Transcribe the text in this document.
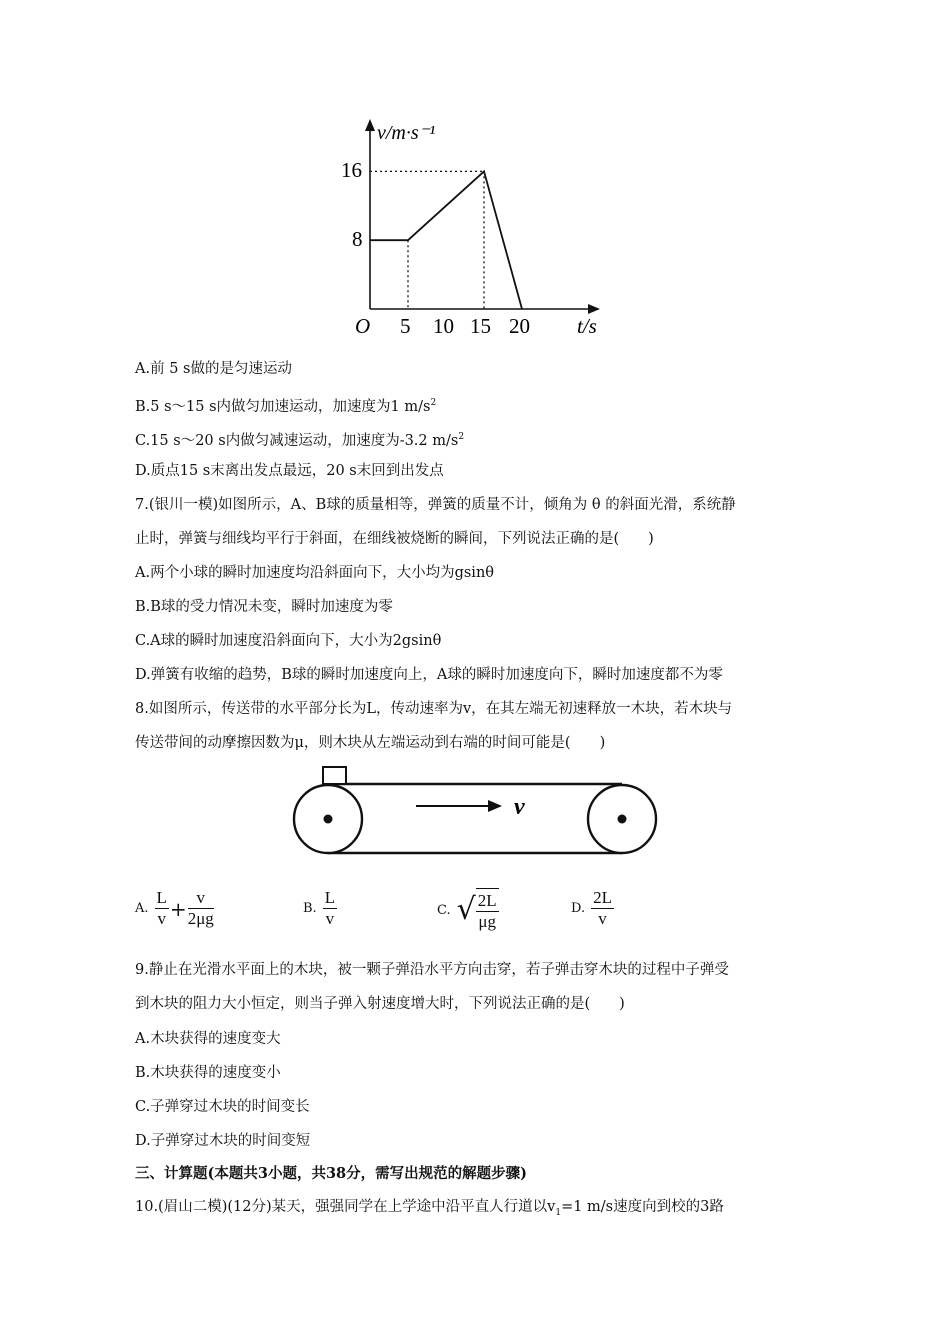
v/m·s⁻¹
t/s
O
16
8
5 10 15 20
A.前 5 s做的是匀速运动
B.5 s～15 s内做匀加速运动，加速度为1 $m/s^2$
C.15 s～20 s内做匀减速运动，加速度为-3.2 $m/s^2$
D.质点15 s末离出发点最远，20 s末回到出发点
7.(银川一模)如图所示，A、B球的质量相等，弹簧的质量不计，倾角为 θ 的斜面光滑，系统静
止时，弹簧与细线均平行于斜面，在细线被烧断的瞬间，下列说法正确的是(　　)
A.两个小球的瞬时加速度均沿斜面向下，大小均为gsinθ
B.B球的受力情况未变，瞬时加速度为零
C.A球的瞬时加速度沿斜面向下，大小为2gsinθ
D.弹簧有收缩的趋势，B球的瞬时加速度向上，A球的瞬时加速度向下，瞬时加速度都不为零
8.如图所示，传送带的水平部分长为L，传动速率为v，在其左端无初速释放一木块，若木块与
传送带间的动摩擦因数为μ，则木块从左端运动到右端的时间可能是(　　)
v
A. $\frac{L}{v} + \frac{v}{2\mu g}$	B. $\frac{L}{v}$	C. √ $\frac{2L}{\mu g}$	D. $\frac{2L}{v}$
9.静止在光滑水平面上的木块，被一颗子弹沿水平方向击穿，若子弹击穿木块的过程中子弹受
到木块的阻力大小恒定，则当子弹入射速度增大时，下列说法正确的是(　　)
A.木块获得的速度变大
B.木块获得的速度变小
C.子弹穿过木块的时间变长
D.子弹穿过木块的时间变短
三、计算题(本题共3小题，共38分，需写出规范的解题步骤)
10.(眉山二模)(12分)某天，强强同学在上学途中沿平直人行道以$v_1=1$ m/s速度向到校的3路
